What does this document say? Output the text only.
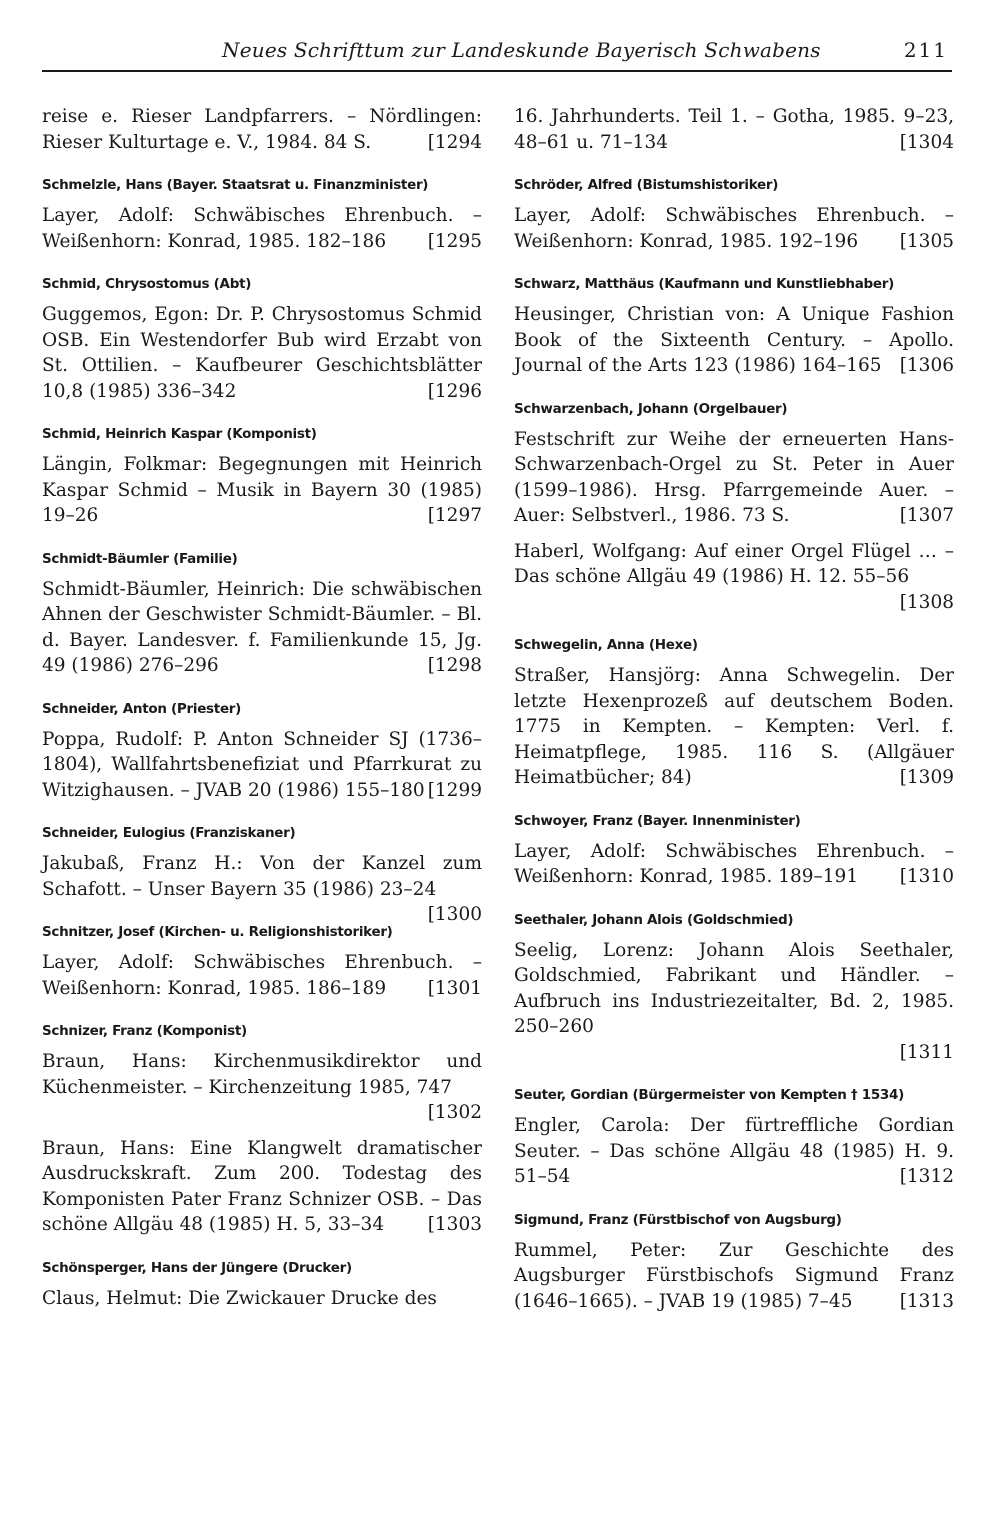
Neues Schrifttum zur Landeskunde Bayerisch Schwabens	211

reise e. Rieser Landpfarrers. – Nördlingen: Rieser Kulturtage e. V., 1984. 84 S.	[1294

Schmelzle, Hans (Bayer. Staatsrat u. Finanzminister)

Layer, Adolf: Schwäbisches Ehrenbuch. – Weißenhorn: Konrad, 1985. 182–186 [1295

Schmid, Chrysostomus (Abt)

Guggemos, Egon: Dr. P. Chrysostomus Schmid OSB. Ein Westendorfer Bub wird Erzabt von St. Ottilien. – Kaufbeurer Geschichtsblätter 10,8 (1985) 336–342	[1296

Schmid, Heinrich Kaspar (Komponist)

Längin, Folkmar: Begegnungen mit Heinrich Kaspar Schmid – Musik in Bayern 30 (1985) 19–26	[1297

Schmidt-Bäumler (Familie)

Schmidt-Bäumler, Heinrich: Die schwäbischen Ahnen der Geschwister Schmidt-Bäumler. – Bl. d. Bayer. Landesver. f. Familienkunde 15, Jg. 49 (1986) 276–296	[1298

Schneider, Anton (Priester)

Poppa, Rudolf: P. Anton Schneider SJ (1736–1804), Wallfahrtsbenefiziat und Pfarrkurat zu Witzighausen. – JVAB 20 (1986) 155–180 [1299

Schneider, Eulogius (Franziskaner)

Jakubaß, Franz H.: Von der Kanzel zum Schafott. – Unser Bayern 35 (1986) 23–24
[1300

Schnitzer, Josef (Kirchen- u. Religionshistoriker)

Layer, Adolf: Schwäbisches Ehrenbuch. – Weißenhorn: Konrad, 1985. 186–189 [1301

Schnizer, Franz (Komponist)

Braun, Hans: Kirchenmusikdirektor und Küchenmeister. – Kirchenzeitung 1985, 747

[1302

Braun, Hans: Eine Klangwelt dramatischer Ausdruckskraft. Zum 200. Todestag des Komponisten Pater Franz Schnizer OSB. – Das schöne Allgäu 48 (1985) H. 5, 33–34 [1303

Schönsperger, Hans der Jüngere (Drucker)

Claus, Helmut: Die Zwickauer Drucke des

16. Jahrhunderts. Teil 1. – Gotha, 1985. 9–23, 48–61 u. 71–134	[1304

Schröder, Alfred (Bistumshistoriker)

Layer, Adolf: Schwäbisches Ehrenbuch. – Weißenhorn: Konrad, 1985. 192–196 [1305

Schwarz, Matthäus (Kaufmann und Kunstliebhaber)

Heusinger, Christian von: A Unique Fashion Book of the Sixteenth Century. – Apollo. Journal of the Arts 123 (1986) 164–165 [1306

Schwarzenbach, Johann (Orgelbauer)

Festschrift zur Weihe der erneuerten Hans-Schwarzenbach-Orgel zu St. Peter in Auer (1599–1986). Hrsg. Pfarrgemeinde Auer. – Auer: Selbstverl., 1986. 73 S.	[1307

Haberl, Wolfgang: Auf einer Orgel Flügel … – Das schöne Allgäu 49 (1986) H. 12. 55–56

[1308

Schwegelin, Anna (Hexe)

Straßer, Hansjörg: Anna Schwegelin. Der letzte Hexenprozeß auf deutschem Boden. 1775 in Kempten. – Kempten: Verl. f. Heimatpflege, 1985. 116 S. (Allgäuer Heimatbücher; 84)	[1309

Schwoyer, Franz (Bayer. Innenminister)

Layer, Adolf: Schwäbisches Ehrenbuch. – Weißenhorn: Konrad, 1985. 189–191 [1310

Seethaler, Johann Alois (Goldschmied)

Seelig, Lorenz: Johann Alois Seethaler, Goldschmied, Fabrikant und Händler. – Aufbruch ins Industriezeitalter, Bd. 2, 1985. 250–260

[1311

Seuter, Gordian (Bürgermeister von Kempten † 1534)

Engler, Carola: Der fürtreffliche Gordian Seuter. – Das schöne Allgäu 48 (1985) H. 9. 51–54	[1312

Sigmund, Franz (Fürstbischof von Augsburg)

Rummel, Peter: Zur Geschichte des Augsburger Fürstbischofs Sigmund Franz (1646–1665). – JVAB 19 (1985) 7–45	[1313
